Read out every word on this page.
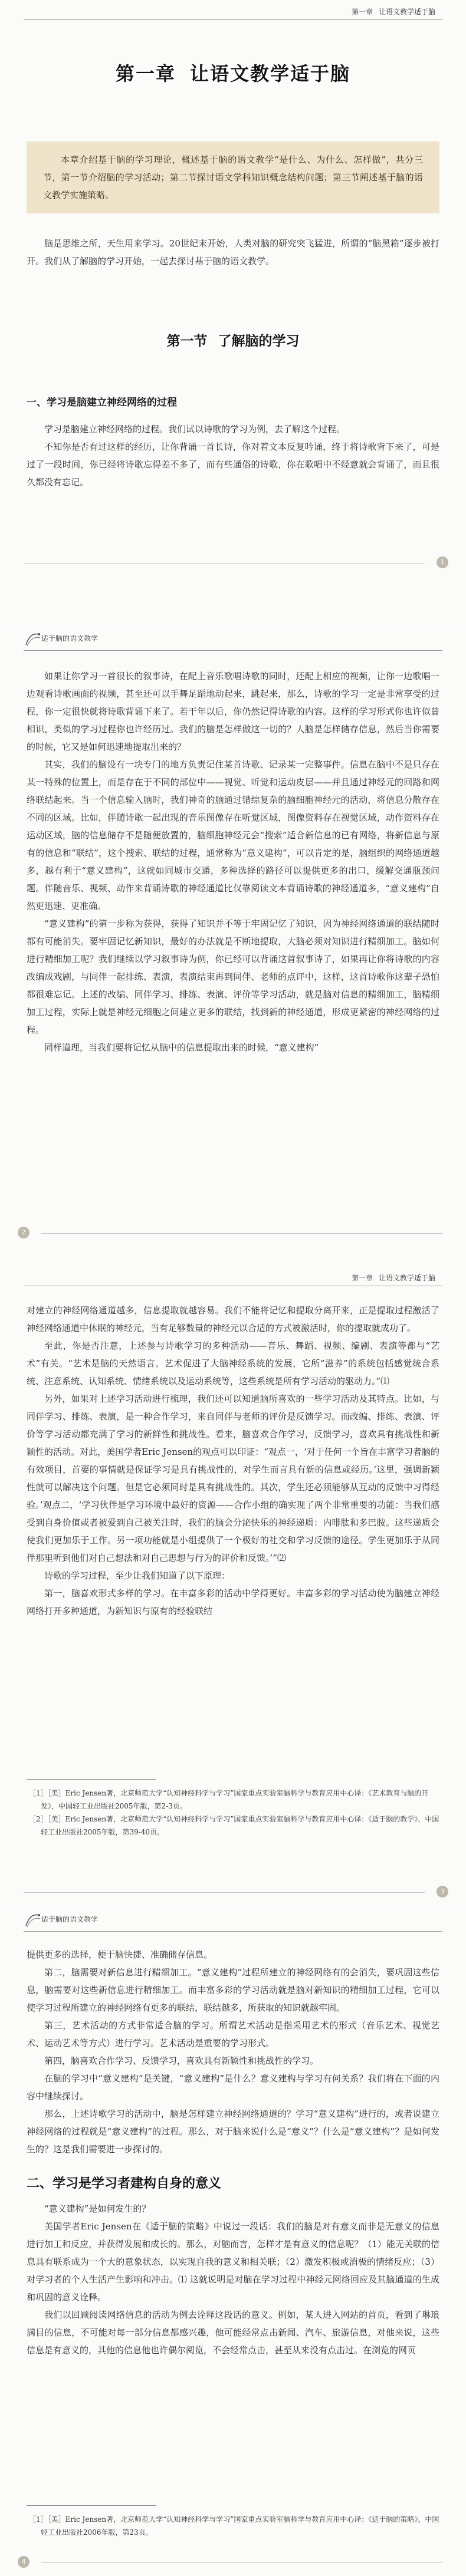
第一章 让语文教学适于脑
第一章 让语文教学适于脑
本章介绍基于脑的学习理论，概述基于脑的语文教学“是什么、为什么、怎样做”，共分三节，第一节介绍脑的学习活动；第二节探讨语文学科知识概念结构问题；第三节阐述基于脑的语文教学实施策略。

脑是思维之所，天生用来学习。20世纪末开始，人类对脑的研究突飞猛进，所谓的“脑黑箱”逐步被打开。我们从了解脑的学习开始，一起去探讨基于脑的语文教学。

第一节 了解脑的学习
一、学习是脑建立神经网络的过程

学习是脑建立神经网络的过程。我们试以诗歌的学习为例，去了解这个过程。

不知你是否有过这样的经历，让你背诵一首长诗，你对着文本反复吟诵，终于将诗歌背下来了，可是过了一段时间，你已经将诗歌忘得差不多了，而有些通俗的诗歌，你在歌唱中不经意就会背诵了，而且很久都没有忘记。

1
适于脑的语文教学

如果让你学习一首很长的叙事诗，在配上音乐歌唱诗歌的同时，还配上相应的视频，让你一边歌唱一边观看诗歌画面的视频，甚至还可以手舞足蹈地动起来，跳起来，那么，诗歌的学习一定是非常享受的过程，你一定很快就将诗歌背诵下来了。若干年以后，你仍然记得诗歌的内容。这样的学习形式你也许似曾相识，类似的学习过程你也许经历过。我们的脑是怎样做这一切的？人脑是怎样储存信息，然后当你需要的时候，它又是如何迅速地提取出来的？

其实，我们的脑设有一块专门的地方负责记住某首诗歌、记录某一完整事件。信息在脑中不是只存在某一特殊的位置上，而是存在于不同的部位中——视觉、听觉和运动皮层——并且通过神经元的回路和网络联结起来。当一个信息输入脑时，我们神奇的脑通过错综复杂的脑细胞神经元的活动，将信息分散存在不同的区域。比如，伴随诗歌一起出现的音乐图像存在听觉区域，图像资料存在视觉区域，动作资料存在运动区域，脑的信息储存不是随便放置的，脑细胞神经元会“搜索”适合新信息的已有网络，将新信息与原有的信息和“联结”，这个搜索、联结的过程，通常称为“意义建构”，可以肯定的是，脑组织的网络通道越多，越有利于“意义建构”，这就如同城市交通，多种选择的路径可以提供更多的出口，缓解交通瓶颈问题。伴随音乐、视频、动作来背诵诗歌的神经通道比仅靠阅读文本背诵诗歌的神经通道多，“意义建构”自然更迅速、更准确。

“意义建构”的第一步称为获得，获得了知识并不等于牢固记忆了知识，因为神经网络通道的联结随时都有可能消失。要牢固记忆新知识，最好的办法就是不断地提取，大脑必须对知识进行精细加工。脑如何进行精细加工呢？我们继续以学习叙事诗为例，你已经可以背诵这首叙事诗了，如果再让你将诗歌的内容改编成戏剧，与同伴一起排练、表演，表演结束再到同伴、老师的点评中，这样，这首诗歌你这辈子恐怕都很难忘记。上述的改编、同伴学习、排练、表演、评价等学习活动，就是脑对信息的精细加工，脑精细加工过程，实际上就是神经元细胞之间建立更多的联结，找到新的神经通道，形成更紧密的神经网络的过程。

同样道理，当我们要将记忆从脑中的信息提取出来的时候，“意义建构”

2
第一章 让语文教学适于脑

对建立的神经网络通道越多，信息提取就越容易。我们不能将记忆和提取分离开来，正是提取过程激活了神经网络通道中休眠的神经元，当有足够数量的神经元以合适的方式被激活时，你的提取就成功了。

至此，你是否注意，上述参与诗歌学习的多种活动——音乐、舞蹈、视频、编剧、表演等都与“艺术”有关。“艺术是脑的天然语言。艺术促进了大脑神经系统的发展，它所“滋养”的系统包括感觉统合系统、注意系统、认知系统、情绪系统以及运动系统等，这些系统是所有学习活动的驱动力。”⑴

另外，如果对上述学习活动进行梳理，我们还可以知道脑所喜欢的一些学习活动及其特点。比如，与同伴学习、排练、表演，是一种合作学习，来自同伴与老师的评价是反馈学习。而改编、排练、表演、评价等学习活动都充满了学习的新鲜性和挑战性。看来，脑喜欢合作学习，反馈学习，喜欢具有挑战性和新颖性的活动。对此，美国学者Eric Jensen的观点可以印证：“观点一，‘对于任何一个旨在丰富学习者脑的有效项目，首要的事情就是保证学习是具有挑战性的，对学生而言具有新的信息或经历。’这里，强调新颖性就可以解决这个问题。但是它必须同时是具有挑战性的。其次，学生还必须能够从互动的反馈中习得经验。’观点二，‘学习伙伴是学习环境中最好的资源——合作小组的确实现了两个非常重要的功能：当我们感受到自身价值或者被爱到自己被关注时，我们的脑会分泌快乐的神经递质：内啡肽和多巴胺。这些递质会使我们更加乐于工作。另一项功能就是小组提供了一个极好的社交和学习反馈的途径。学生更加乐于从同伴那里听到他们对自己想法和对自己思想与行为的评价和反馈。’”⑵

诗歌的学习过程，至少让我们知道了以下原理：

第一，脑喜欢形式多样的学习。在丰富多彩的活动中学得更好。丰富多彩的学习活动使为脑建立神经网络打开多种通道，为新知识与原有的经验联结

［1］［美］Eric Jensen著，北京师范大学“认知神经科学与学习”国家重点实验室脑科学与教育应用中心译：《艺术教育与脑的开发》，中国轻工业出版社2005年版，第2-3页。
［2］［美］Eric Jensen著，北京师范大学“认知神经科学与学习”国家重点实验室脑科学与教育应用中心译：《适于脑的教学》，中国轻工业出版社2005年版，第39-40页。
3
适于脑的语文教学

提供更多的选择，便于脑快捷、准确储存信息。

第二，脑需要对新信息进行精细加工。“意义建构”过程所建立的神经网络有的会消失，要巩固这些信息，脑需要对这些新信息进行精细加工。而丰富多彩的学习活动就是脑对新知识的精细加工过程，它可以使学习过程所建立的神经网络有更多的联结，联结越多，所获取的知识就越牢固。

第三，艺术活动的方式非常适合脑的学习。所谓艺术活动是指采用艺术的形式（音乐艺术、视觉艺术、运动艺术等方式）进行学习。艺术活动是重要的学习形式。

第四，脑喜欢合作学习、反馈学习，喜欢具有新颖性和挑战性的学习。

在脑的学习中“意义建构”是关键，“意义建构”是什么？意义建构与学习有何关系？我们将在下面的内容中继续探讨。

那么，上述诗歌学习的活动中，脑是怎样建立神经网络通道的？学习“意义建构”进行的，或者说建立神经网络的过程就是“意义建构”的过程。那么，对于脑来说什么是“意义”？什么是“意义建构”？是如何发生的？这是我们需要进一步探讨的。

二、学习是学习者建构自身的意义

“意义建构”是如何发生的？

美国学者Eric Jensen在《适于脑的策略》中说过一段话：我们的脑是对有意义而非是无意义的信息进行加工和反应，并获得发展和成长的。那么，对脑而言，怎样才是有意义的信息呢？（1）能无关联的信息具有联系成为一个大的意象状态，以实现自我的意义和相关联；（2）激发积极或消极的情绪反应；（3）对学习者的个人生活产生影响和冲击。⑴ 这就说明是对脑在学习过程中神经元网络回应及其脑通道的生成和巩固的意义诠释。

我们以回顾阅读网络信息的活动为例去诠释这段话的意义。例如，某人进入网站的首页，看到了琳琅满目的信息，不可能对每一部分信息都感兴趣，他可能经常点击新闻、汽车、旅游信息，对他来说，这些信息是有意义的，其他的信息他也许偶尔阅览，不会经常点击，甚至从来没有点击过。在浏览的网页

［1］［美］Eric Jensen著，北京师范大学“认知神经科学与学习”国家重点实验室脑科学与教育应用中心译：《适于脑的策略》，中国轻工业出版社2006年版，第23页。
4
